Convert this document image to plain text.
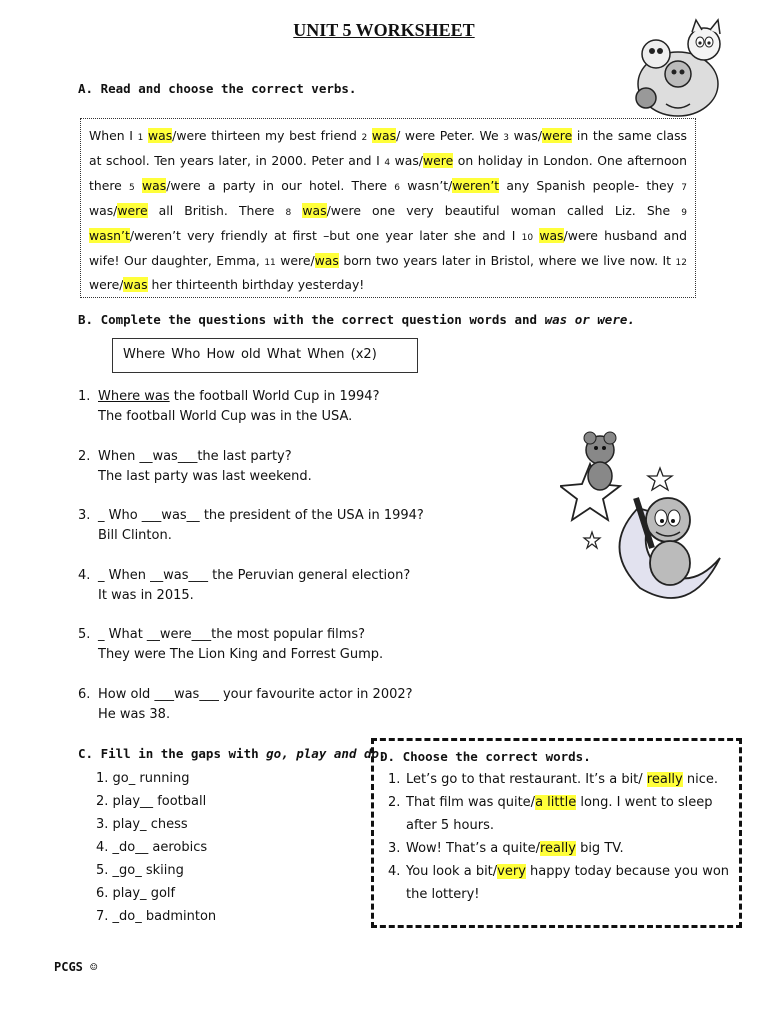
UNIT 5 WORKSHEET
A. Read and choose the correct verbs.
When I 1 was/were thirteen my best friend 2 was/ were Peter. We 3 was/were in the same class at school. Ten years later, in 2000. Peter and I 4 was/were on holiday in London. One afternoon there 5 was/were a party in our hotel. There 6 wasn’t/weren’t any Spanish people- they 7 was/were all British. There 8 was/were one very beautiful woman called Liz. She 9 wasn’t/weren’t very friendly at first –but one year later she and I 10 was/were husband and wife! Our daughter, Emma, 11 were/was born two years later in Bristol, where we live now. It 12 were/was her thirteenth birthday yesterday!
B. Complete the questions with the correct question words and was or were.
Where Who How old What When (x2)
1. Where was the football World Cup in 1994?
The football World Cup was in the USA.
2. When __was___the last party?
The last party was last weekend.
3. _ Who ___was__ the president of the USA in 1994?
Bill Clinton.
4. _ When __was___ the Peruvian general election?
It was in 2015.
5. _ What __were___the most popular films?
They were The Lion King and Forrest Gump.
6. How old ___was___ your favourite actor in 2002?
He was 38.
C. Fill in the gaps with go, play and do.
1. go_ running
2. play__ football
3. play_ chess
4. _do__ aerobics
5. _go_ skiing
6. play_ golf
7. _do_ badminton
D. Choose the correct words.
1. Let’s go to that restaurant. It’s a bit/ really nice.
2. That film was quite/a little long. I went to sleep
after 5 hours.
3. Wow! That’s a quite/really big TV.
4. You look a bit/very happy today because you won
the lottery!
PCGS ☺
